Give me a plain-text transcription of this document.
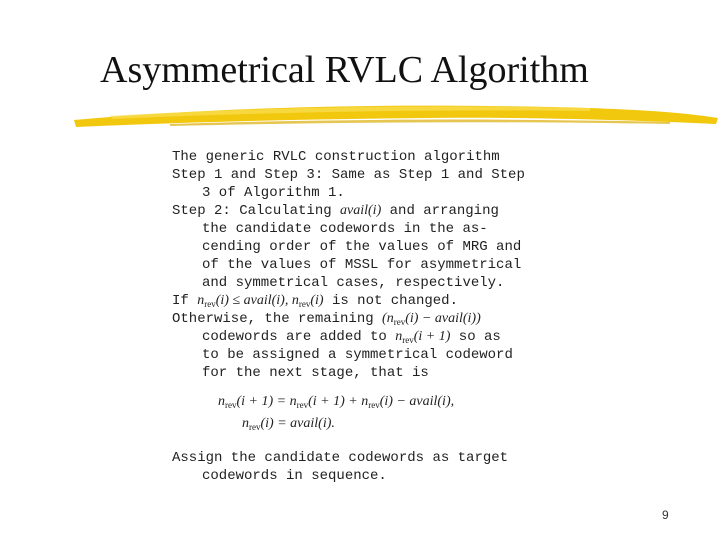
Asymmetrical RVLC Algorithm
The generic RVLC construction algorithm
Step 1 and Step 3: Same as Step 1 and Step
3 of Algorithm 1.
Step 2: Calculating avail(i) and arranging
the candidate codewords in the as-
cending order of the values of MRG and
of the values of MSSL for asymmetrical
and symmetrical cases, respectively.
If $n_{rev}(i)$ ≤ avail(i), $n_{rev}(i)$ is not changed.
Otherwise, the remaining ($n_{rev}(i)$ − avail(i))
codewords are added to $n_{rev}(i + 1)$ so as
to be assigned a symmetrical codeword
for the next stage, that is
$n_{rev}(i + 1) = n_{rev}(i + 1) + n_{rev}(i)$ − avail(i),
$n_{rev}(i)$ = avail(i).
Assign the candidate codewords as target
codewords in sequence.
9
